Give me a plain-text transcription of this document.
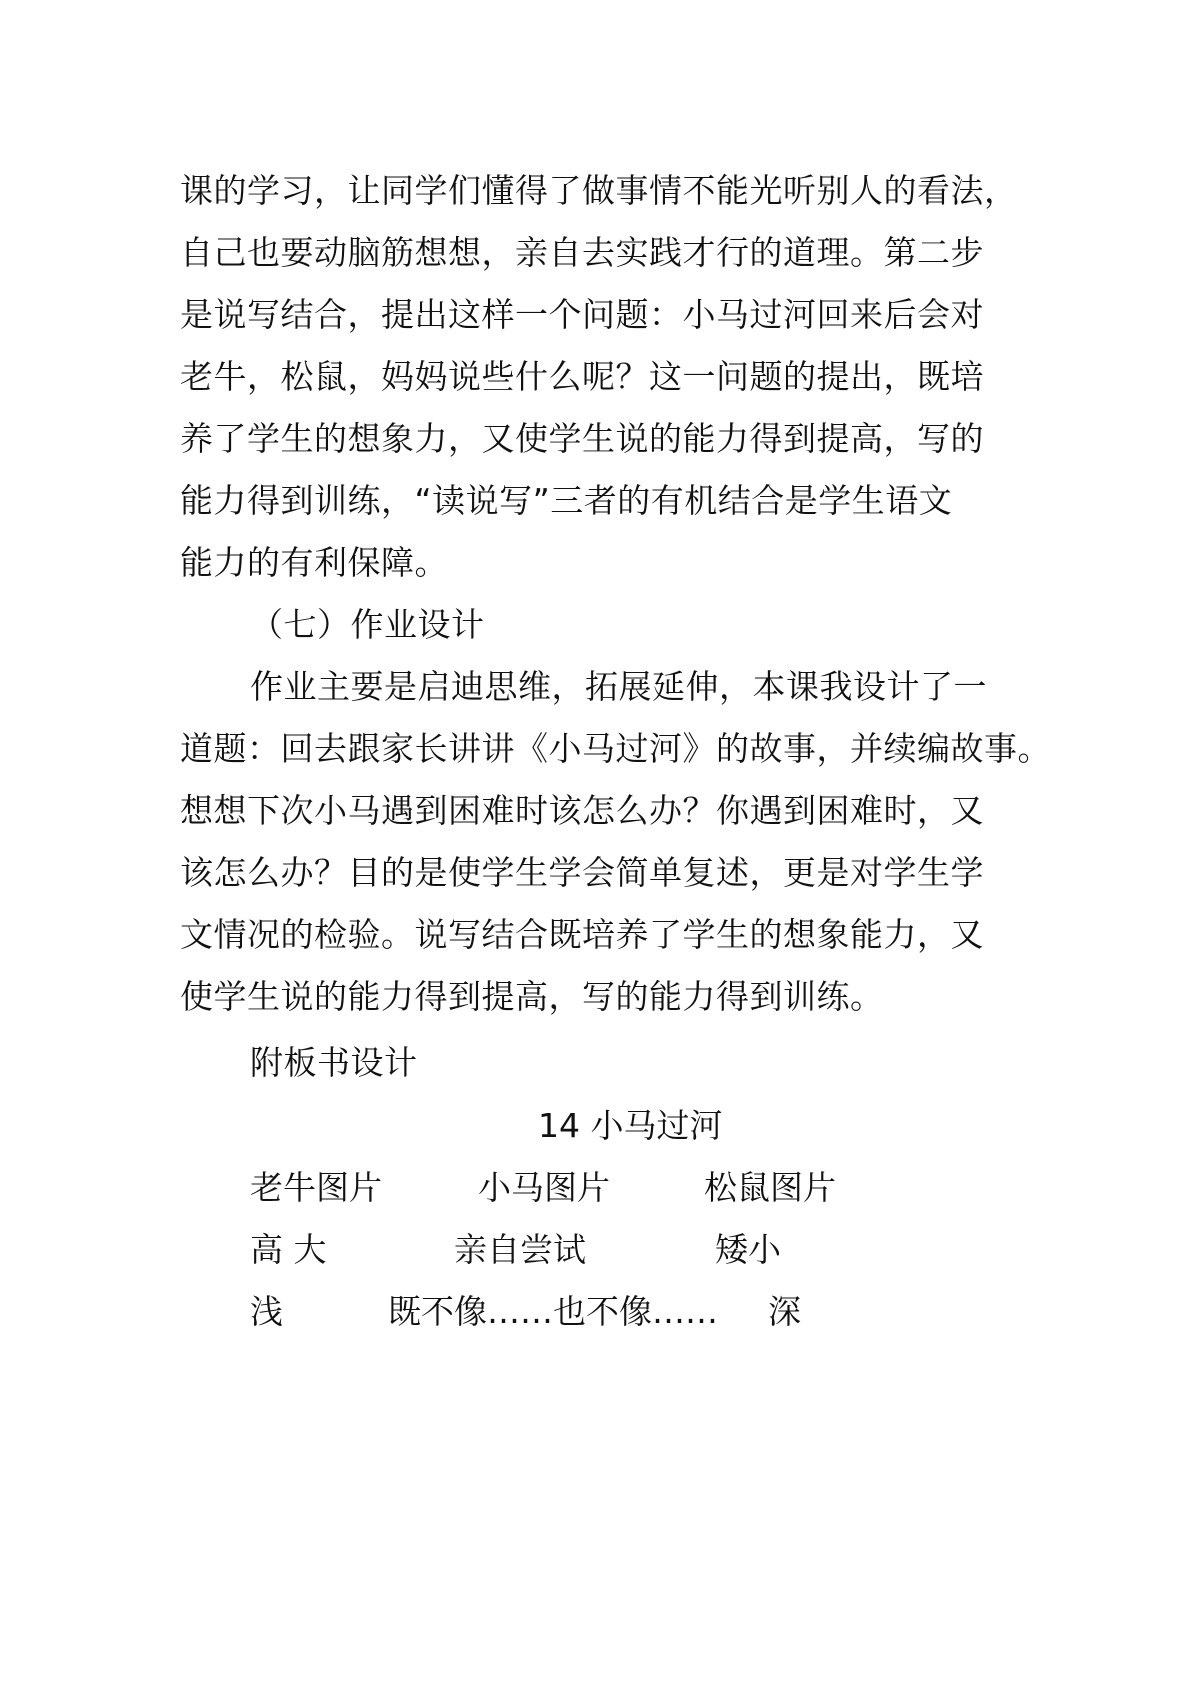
课的学习，让同学们懂得了做事情不能光听别人的看法，
自己也要动脑筋想想，亲自去实践才行的道理。第二步
是说写结合，提出这样一个问题：小马过河回来后会对
老牛，松鼠，妈妈说些什么呢？这一问题的提出，既培
养了学生的想象力，又使学生说的能力得到提高，写的
能力得到训练，“读说写”三者的有机结合是学生语文
能力的有利保障。
（七）作业设计
作业主要是启迪思维，拓展延伸，本课我设计了一
道题：回去跟家长讲讲《小马过河》的故事，并续编故事。
想想下次小马遇到困难时该怎么办？你遇到困难时，又
该怎么办？目的是使学生学会简单复述，更是对学生学
文情况的检验。说写结合既培养了学生的想象能力，又
使学生说的能力得到提高，写的能力得到训练。
附板书设计
14 小马过河
老牛图片	小马图片	松鼠图片
高 大	亲自尝试	矮小
浅	既不像……也不像…… 深
